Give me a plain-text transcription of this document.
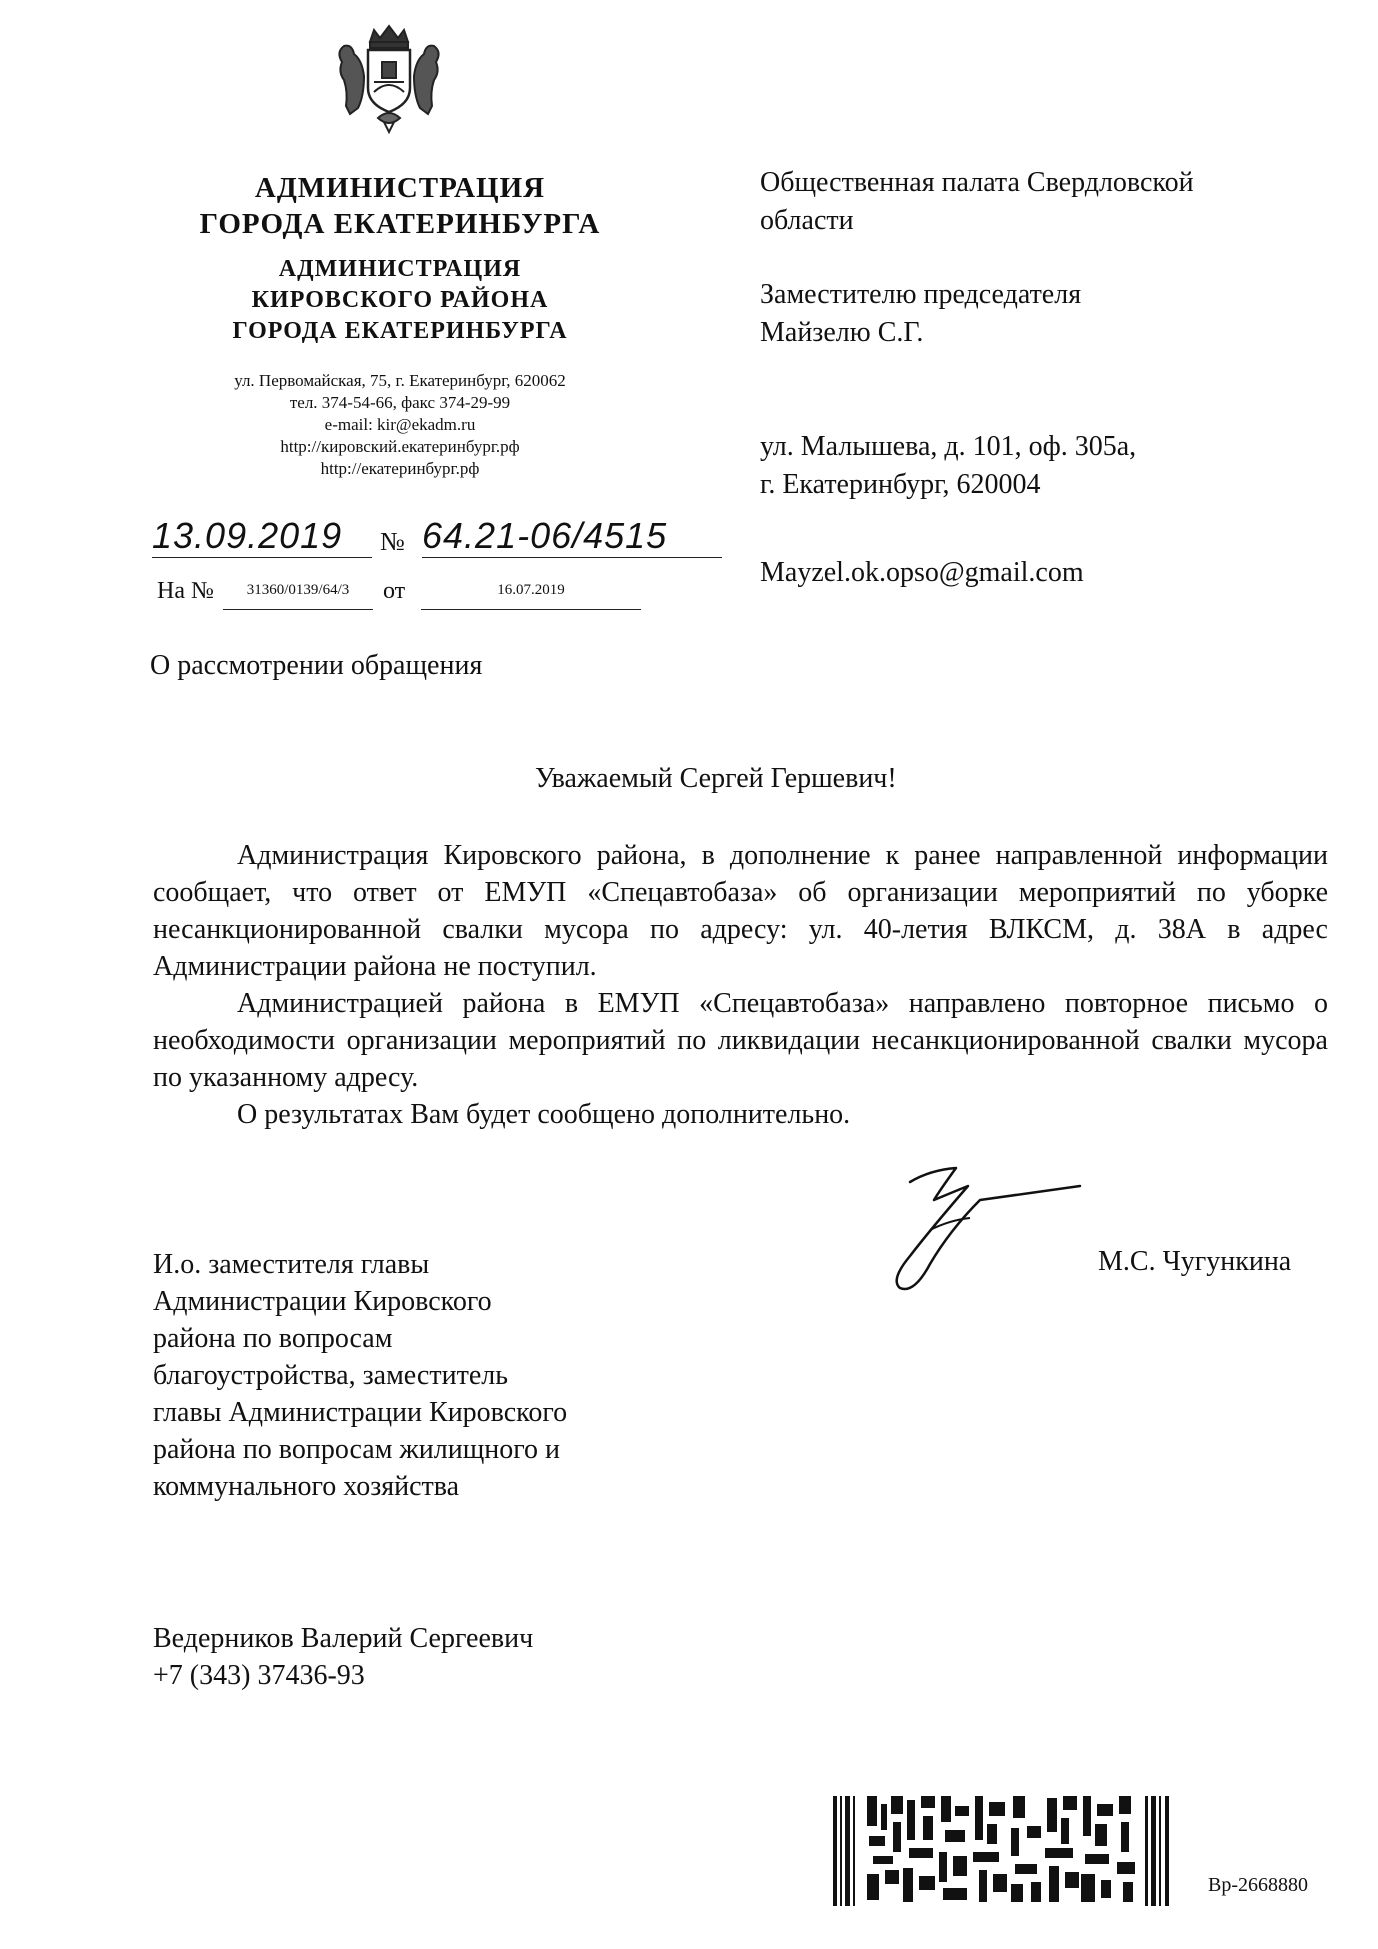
АДМИНИСТРАЦИЯ
ГОРОДА ЕКАТЕРИНБУРГА
АДМИНИСТРАЦИЯ
КИРОВСКОГО РАЙОНА
ГОРОДА ЕКАТЕРИНБУРГА
ул. Первомайская, 75, г. Екатеринбург, 620062
тел. 374-54-66, факс 374-29-99
e-mail: kir@ekadm.ru
http://кировский.екатеринбург.рф
http://екатеринбург.рф
13.09.2019	№ 64.21-06/4515
На №	31360/0139/64/3	от	16.07.2019
Общественная палата Свердловской
области
Заместителю председателя
Майзелю С.Г.
ул. Малышева, д. 101, оф. 305а,
г. Екатеринбург, 620004
Mayzel.ok.opso@gmail.com
О рассмотрении обращения
Уважаемый Сергей Гершевич!
Администрация Кировского района, в дополнение к ранее направленной информации сообщает, что ответ от ЕМУП «Спецавтобаза» об организации мероприятий по уборке несанкционированной свалки мусора по адресу: ул. 40-летия ВЛКСМ, д. 38А в адрес Администрации района не поступил.
Администрацией района в ЕМУП «Спецавтобаза» направлено повторное письмо о необходимости организации мероприятий по ликвидации несанкционированной свалки мусора по указанному адресу.
О результатах Вам будет сообщено дополнительно.
И.о. заместителя главы
Администрации Кировского
района по вопросам
благоустройства, заместитель
главы Администрации Кировского
района по вопросам жилищного и
коммунального хозяйства
М.С. Чугункина
Ведерников Валерий Сергеевич
+7 (343) 37436-93
Вр-2668880
